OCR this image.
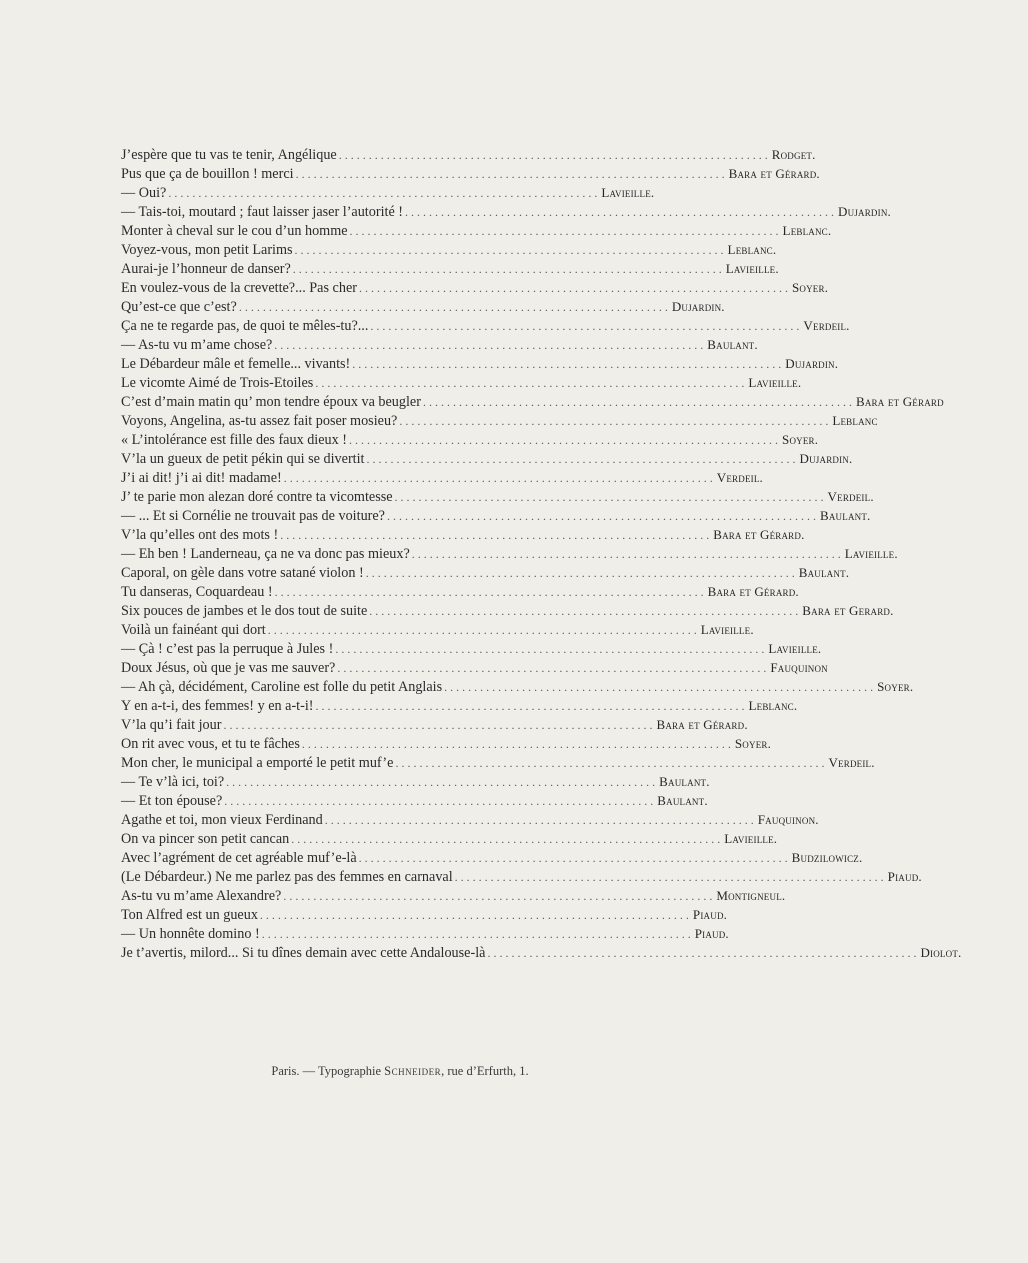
J’espère que tu vas te tenir, Angélique . . .	Rodget.
Pus que ça de bouillon ! merci . . .	Bara et Gérard.
— Oui? . . .	Lavieille.
— Tais-toi, moutard ; faut laisser jaser l’autorité ! . . .	Dujardin.
Monter à cheval sur le cou d’un homme . . .	Leblanc.
Voyez-vous, mon petit Larims . . .	Leblanc.
Aurai-je l’honneur de danser? . . .	Lavieille.
En voulez-vous de la crevette?... Pas cher . . .	Soyer.
Qu’est-ce que c’est? . . .	Dujardin.
Ça ne te regarde pas, de quoi te mêles-tu?... . . .	Verdeil.
— As-tu vu m’ame chose? . . .	Baulant.
Le Débardeur mâle et femelle... vivants! . . .	Dujardin.
Le vicomte Aimé de Trois-Etoiles . . .	Lavieille.
C’est d’main matin qu’ mon tendre époux va beugler . . .	Bara et Gérard
Voyons, Angelina, as-tu assez fait poser mosieu? . . .	Leblanc
« L’intolérance est fille des faux dieux ! . . .	Soyer.
V’la un gueux de petit pékin qui se divertit . . .	Dujardin.
J’i ai dit! j’i ai dit! madame! . . .	Verdeil.
J’ te parie mon alezan doré contre ta vicomtesse . . .	Verdeil.
— ... Et si Cornélie ne trouvait pas de voiture? . . .	Baulant.
V’la qu’elles ont des mots ! . . .	Bara et Gérard.
— Eh ben ! Landerneau, ça ne va donc pas mieux? . . .	Lavieille.
Caporal, on gèle dans votre satané violon ! . . .	Baulant.
Tu danseras, Coquardeau ! . . .	Bara et Gérard.
Six pouces de jambes et le dos tout de suite . . .	Bara et Gerard.
Voilà un fainéant qui dort . . .	Lavieille.
— Çà ! c’est pas la perruque à Jules ! . . .	Lavieille.
Doux Jésus, où que je vas me sauver? . . .	Fauquinon
— Ah çà, décidément, Caroline est folle du petit Anglais . . .	Soyer.
Y en a-t-i, des femmes! y en a-t-i! . . .	Leblanc.
V’la qu’i fait jour . . .	Bara et Gérard.
On rit avec vous, et tu te fâches . . .	Soyer.
Mon cher, le municipal a emporté le petit muf’e . . .	Verdeil.
— Te v’là ici, toi? . . .	Baulant.
— Et ton épouse? . . .	Baulant.
Agathe et toi, mon vieux Ferdinand . . .	Fauquinon.
On va pincer son petit cancan . . .	Lavieille.
Avec l’agrément de cet agréable muf’e-là . . .	Budzilowicz.
(Le Débardeur.) Ne me parlez pas des femmes en carnaval . . .	Piaud.
As-tu vu m’ame Alexandre? . . .	Montigneul.
Ton Alfred est un gueux . . .	Piaud.
— Un honnête domino ! . . .	Piaud.
Je t’avertis, milord... Si tu dînes demain avec cette Andalouse-là . . .	Diolot.
Paris. — Typographie Schneider, rue d’Erfurth, 1.
